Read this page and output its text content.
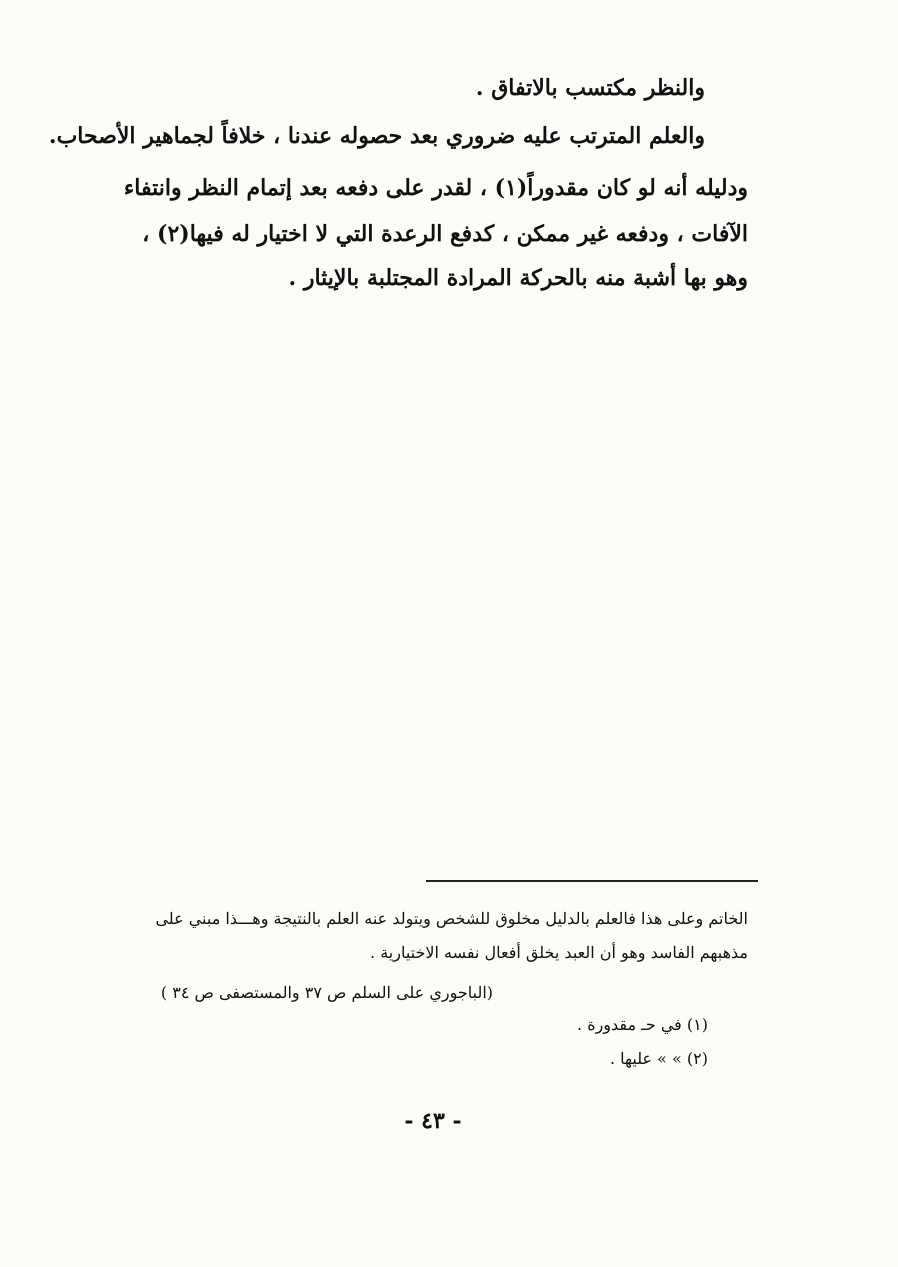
والنظر مكتسب بالاتفاق .
والعلم المترتب عليه ضروري بعد حصوله عندنا ، خلافاً لجماهير الأصحاب.
ودليله أنه لو كان مقدوراً(١) ، لقدر على دفعه بعد إتمام النظر وانتفاء
الآفات ، ودفعه غير ممكن ، كدفع الرعدة التي لا اختيار له فيها(٢) ،
وهو بها أشبة منه بالحركة المرادة المجتلبة بالإيثار .
الخاتم وعلى هذا فالعلم بالدليل مخلوق للشخص ويتولد عنه العلم بالنتيجة وهـــذا مبني على
مذهبهم الفاسد وهو أن العبد يخلق أفعال نفسه الاختيارية .
(الباجوري على السلم ص ٣٧ والمستصفى ص ٣٤ )
(١) في حـ مقدورة .
(٢) » » عليها .
- ٤٣ -
